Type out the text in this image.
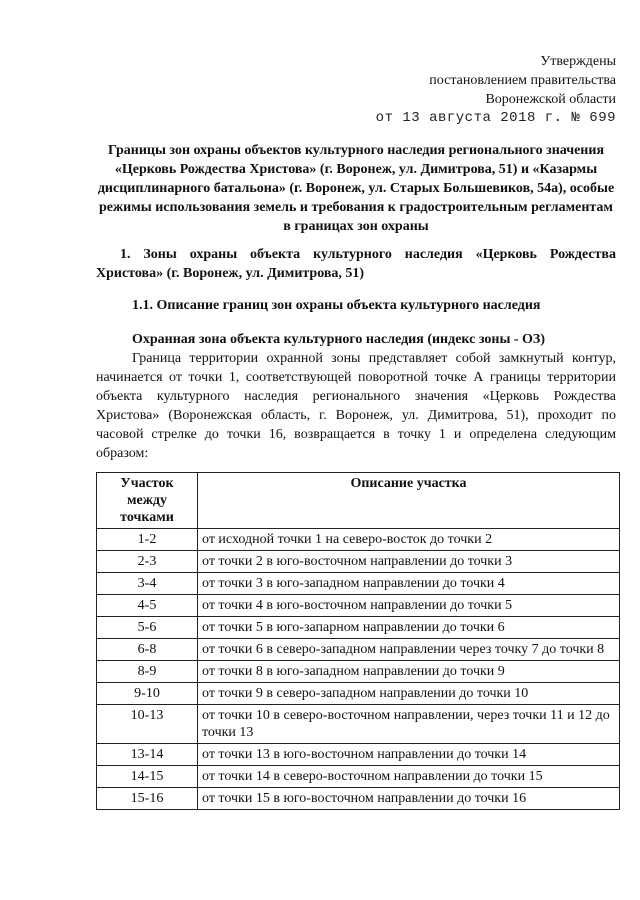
Утверждены
постановлением правительства
Воронежской области
от 13 августа 2018 г. № 699
Границы зон охраны объектов культурного наследия регионального значения «Церковь Рождества Христова» (г. Воронеж, ул. Димитрова, 51) и «Казармы дисциплинарного батальона» (г. Воронеж, ул. Старых Большевиков, 54а), особые режимы использования земель и требования к градостроительным регламентам в границах зон охраны
1. Зоны охраны объекта культурного наследия «Церковь Рождества Христова» (г. Воронеж, ул. Димитрова, 51)
1.1. Описание границ зон охраны объекта культурного наследия
Охранная зона объекта культурного наследия (индекс зоны - ОЗ)
Граница территории охранной зоны представляет собой замкнутый контур, начинается от точки 1, соответствующей поворотной точке А границы территории объекта культурного наследия регионального значения «Церковь Рождества Христова» (Воронежская область, г. Воронеж, ул. Димитрова, 51), проходит по часовой стрелке до точки 16, возвращается в точку 1 и определена следующим образом:
Участок между точками	Описание участка
1-2	от исходной точки 1 на северо-восток до точки 2
2-3	от точки 2 в юго-восточном направлении до точки 3
3-4	от точки 3 в юго-западном направлении до точки 4
4-5	от точки 4 в юго-восточном направлении до точки 5
5-6	от точки 5 в юго-запарном направлении до точки 6
6-8	от точки 6 в северо-западном направлении через точку 7 до точки 8
8-9	от точки 8 в юго-западном направлении до точки 9
9-10	от точки 9 в северо-западном направлении до точки 10
10-13	от точки 10 в северо-восточном направлении, через точки 11 и 12 до точки 13
13-14	от точки 13 в юго-восточном направлении до точки 14
14-15	от точки 14 в северо-восточном направлении до точки 15
15-16	от точки 15 в юго-восточном направлении до точки 16
